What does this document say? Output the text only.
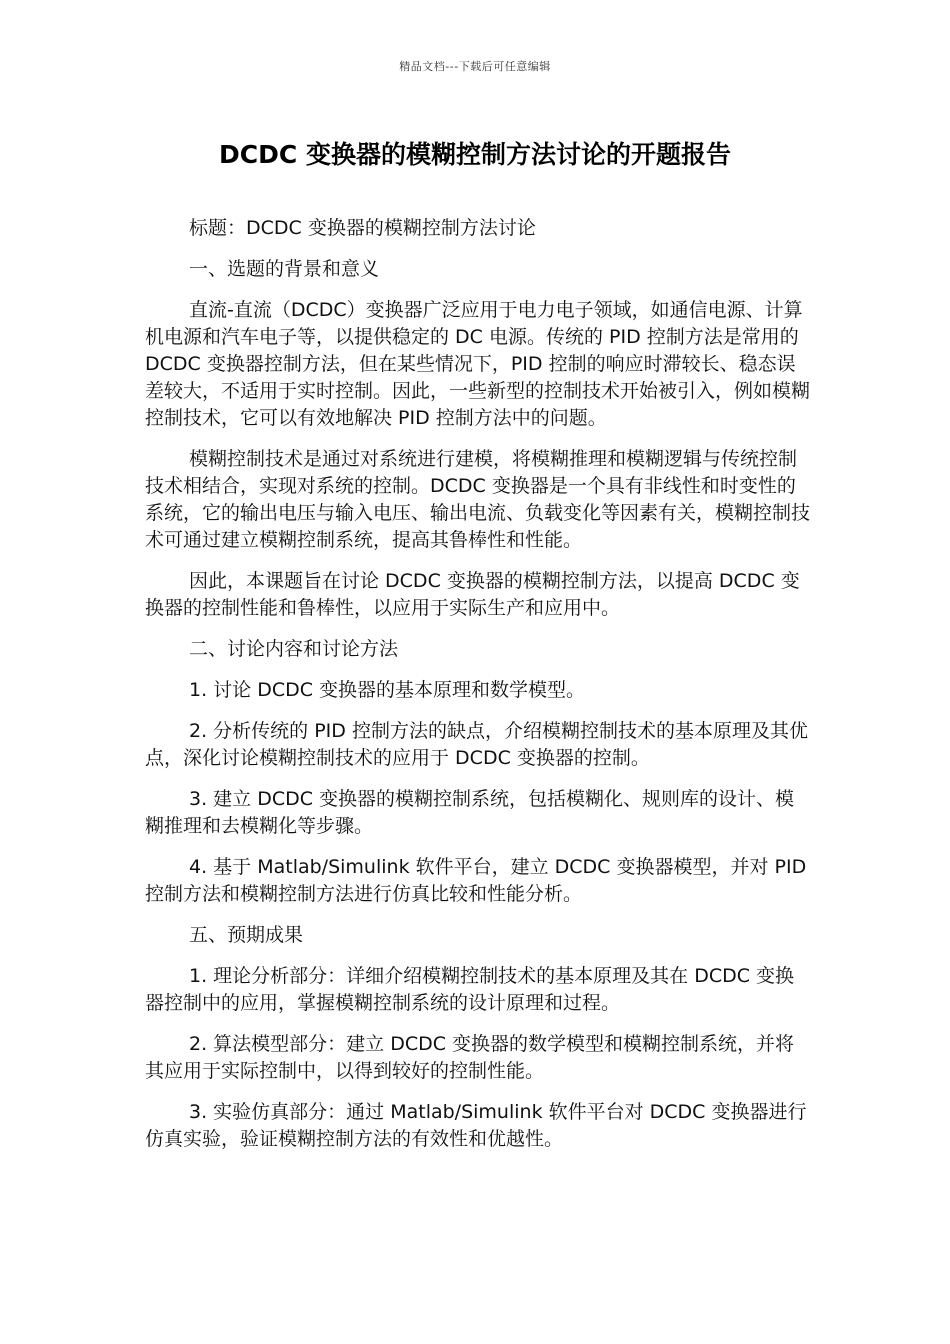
精品文档---下载后可任意编辑
DCDC 变换器的模糊控制方法讨论的开题报告

标题：DCDC 变换器的模糊控制方法讨论

一、选题的背景和意义

直流-直流（DCDC）变换器广泛应用于电力电子领域，如通信电源、计算机电源和汽车电子等，以提供稳定的 DC 电源。传统的 PID 控制方法是常用的 DCDC 变换器控制方法，但在某些情况下，PID 控制的响应时滞较长、稳态误差较大，不适用于实时控制。因此，一些新型的控制技术开始被引入，例如模糊控制技术，它可以有效地解决 PID 控制方法中的问题。

模糊控制技术是通过对系统进行建模，将模糊推理和模糊逻辑与传统控制技术相结合，实现对系统的控制。DCDC 变换器是一个具有非线性和时变性的系统，它的输出电压与输入电压、输出电流、负载变化等因素有关，模糊控制技术可通过建立模糊控制系统，提高其鲁棒性和性能。

因此，本课题旨在讨论 DCDC 变换器的模糊控制方法，以提高 DCDC 变换器的控制性能和鲁棒性，以应用于实际生产和应用中。

二、讨论内容和讨论方法

1. 讨论 DCDC 变换器的基本原理和数学模型。

2. 分析传统的 PID 控制方法的缺点，介绍模糊控制技术的基本原理及其优点，深化讨论模糊控制技术的应用于 DCDC 变换器的控制。

3. 建立 DCDC 变换器的模糊控制系统，包括模糊化、规则库的设计、模糊推理和去模糊化等步骤。

4. 基于 Matlab/Simulink 软件平台，建立 DCDC 变换器模型，并对 PID 控制方法和模糊控制方法进行仿真比较和性能分析。

五、预期成果

1. 理论分析部分：详细介绍模糊控制技术的基本原理及其在 DCDC 变换器控制中的应用，掌握模糊控制系统的设计原理和过程。

2. 算法模型部分：建立 DCDC 变换器的数学模型和模糊控制系统，并将其应用于实际控制中，以得到较好的控制性能。

3. 实验仿真部分：通过 Matlab/Simulink 软件平台对 DCDC 变换器进行仿真实验，验证模糊控制方法的有效性和优越性。
